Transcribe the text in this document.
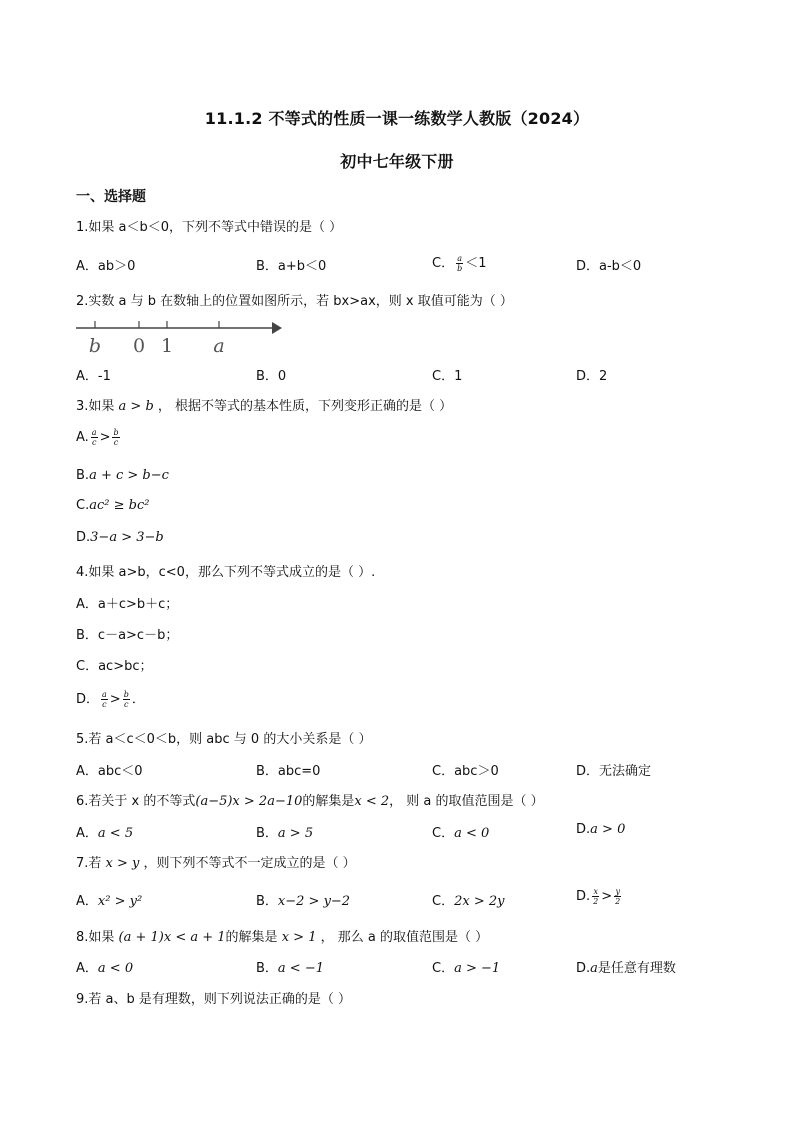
11.1.2 不等式的性质一课一练数学人教版（2024）
初中七年级下册
一、选择题
1.如果 a＜b＜0，下列不等式中错误的是（ ）
A．ab＞0	B．a+b＜0	C． $\frac{a}{b} <1$	D．a-b＜0
2.实数 a 与 b 在数轴上的位置如图所示，若 bx>ax，则 x 取值可能为（ ）
b 0 1 a
A．-1	B．0	C．1	D．2
3.如果 a > b ， 根据不等式的基本性质，下列变形正确的是（ ）
A. $\frac{a}{c} > \frac{b}{c}$
B.a + c > b−c
C.ac² ≥ bc²
D.3−a > 3−b
4.如果 a>b，c<0，那么下列不等式成立的是（ ）.
A．a＋c>b＋c；
B．c－a>c－b；
C．ac>bc；
D． $\frac{a}{c} > \frac{b}{c}$ ．
5.若 a＜c＜0＜b，则 abc 与 0 的大小关系是（ ）
A．abc＜0	B．abc=0	C．abc＞0	D．无法确定
6.若关于 x 的不等式(a−5)x > 2a−10的解集是x < 2， 则 a 的取值范围是（ ）
A．a < 5	B．a > 5	C．a < 0	D.a > 0
7.若 x > y ，则下列不等式不一定成立的是（ ）
A．x² > y²	B．x−2 > y−2	C．2x > 2y	D. $\frac{x}{2} > \frac{y}{2}$
8.如果 (a + 1)x < a + 1的解集是 x > 1 ， 那么 a 的取值范围是（ ）
A．a < 0	B．a < −1	C．a > −1	D.a是任意有理数
9.若 a、b 是有理数，则下列说法正确的是（ ）
